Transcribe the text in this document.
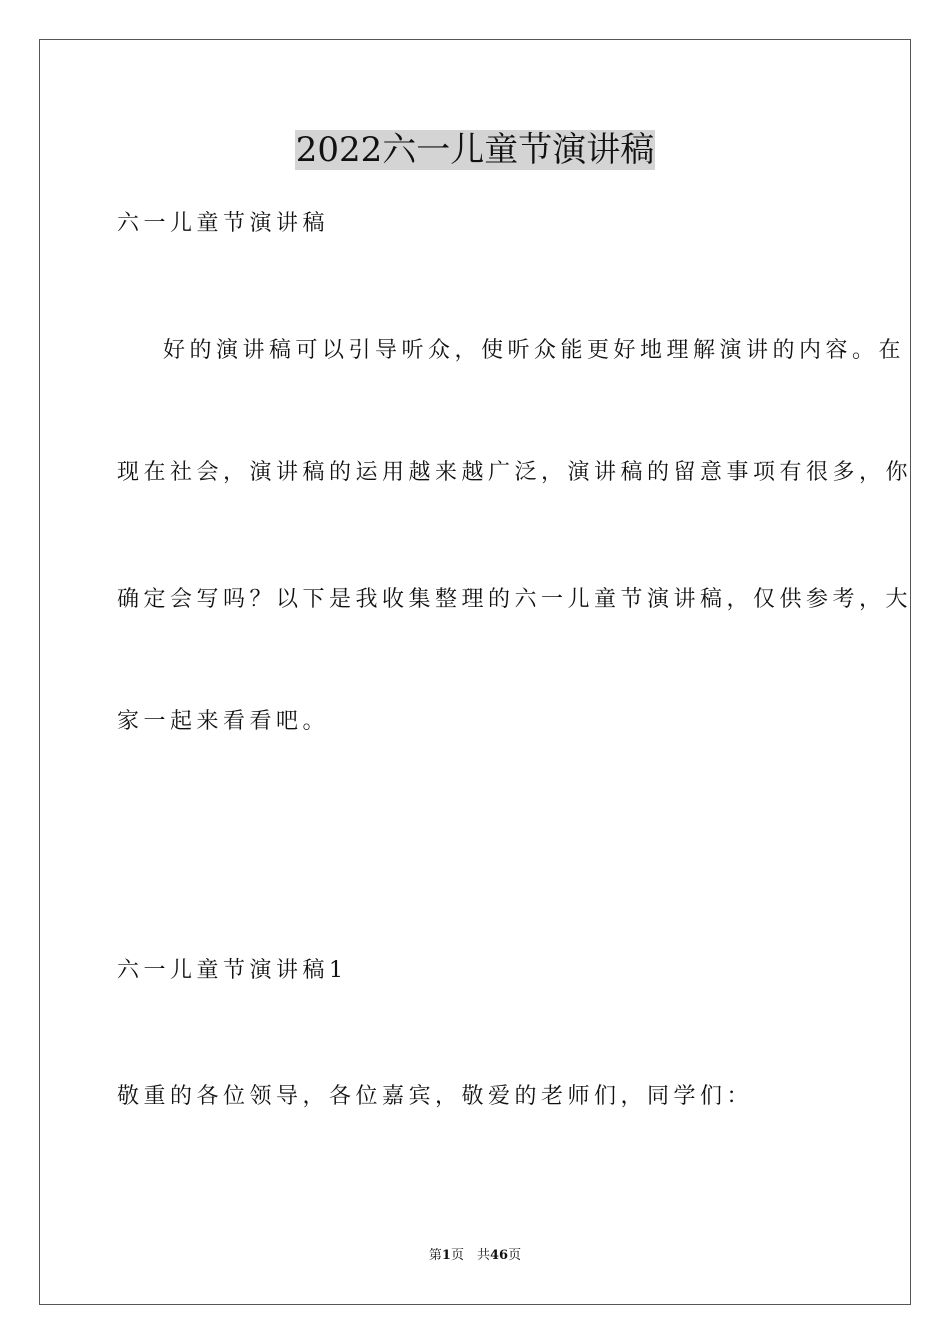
2022六一儿童节演讲稿

六一儿童节演讲稿

好的演讲稿可以引导听众，使听众能更好地理解演讲的内容。在

现在社会，演讲稿的运用越来越广泛，演讲稿的留意事项有很多，你

确定会写吗？以下是我收集整理的六一儿童节演讲稿，仅供参考，大

家一起来看看吧。

六一儿童节演讲稿1

敬重的各位领导，各位嘉宾，敬爱的老师们，同学们：

第1页　共46页
